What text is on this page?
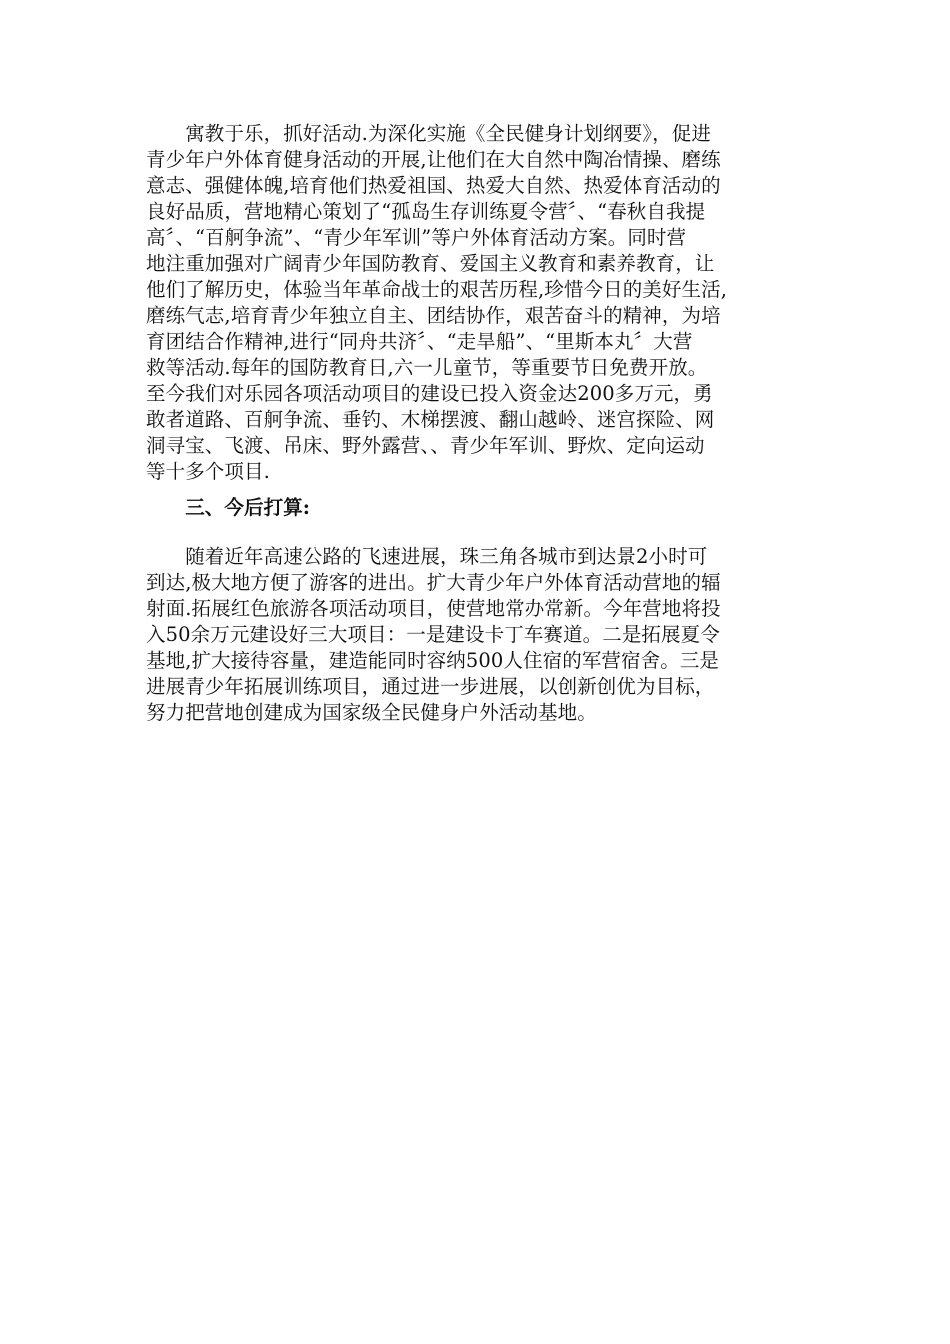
　　寓教于乐，抓好活动.为深化实施《全民健身计划纲要》，促进
青少年户外体育健身活动的开展,让他们在大自然中陶冶情操、磨练
意志、强健体魄,培育他们热爱祖国、热爱大自然、热爱体育活动的
良好品质，营地精心策划了“孤岛生存训练夏令营〞、“春秋自我提
高〞、“百舸争流”、“青少年军训”等户外体育活动方案。同时营
地注重加强对广阔青少年国防教育、爱国主义教育和素养教育，让
他们了解历史，体验当年革命战士的艰苦历程,珍惜今日的美好生活,
磨练气志,培育青少年独立自主、团结协作，艰苦奋斗的精神，为培
育团结合作精神,进行“同舟共济〞、“走旱船”、“里斯本丸〞大营
救等活动.每年的国防教育日,六一儿童节，等重要节日免费开放。
至今我们对乐园各项活动项目的建设已投入资金达200多万元，勇
敢者道路、百舸争流、垂钓、木梯摆渡、翻山越岭、迷宫探险、网
洞寻宝、飞渡、吊床、野外露营、、青少年军训、野炊、定向运动
等十多个项目.
　　三、今后打算:
　　随着近年高速公路的飞速进展，珠三角各城市到达景2小时可
到达,极大地方便了游客的进出。扩大青少年户外体育活动营地的辐
射面.拓展红色旅游各项活动项目，使营地常办常新。今年营地将投
入50余万元建设好三大项目：一是建设卡丁车赛道。二是拓展夏令
基地,扩大接待容量，建造能同时容纳500人住宿的军营宿舍。三是
进展青少年拓展训练项目，通过进一步进展，以创新创优为目标，
努力把营地创建成为国家级全民健身户外活动基地。
